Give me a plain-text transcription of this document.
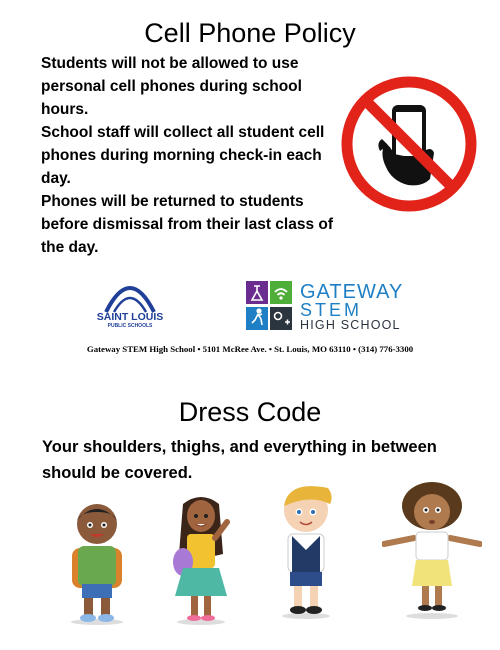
Cell Phone Policy
Students will not be allowed to use personal cell phones during school hours.
School staff will collect all student cell phones during morning check-in each day.
Phones will be returned to students before dismissal from their last class of the day.
SAINT LOUIS
PUBLIC SCHOOLS
GATEWAY
STEM
HIGH SCHOOL
Gateway STEM High School • 5101 McRee Ave. • St. Louis, MO 63110 • (314) 776-3300
Dress Code
Your shoulders, thighs, and everything in between should be covered.
